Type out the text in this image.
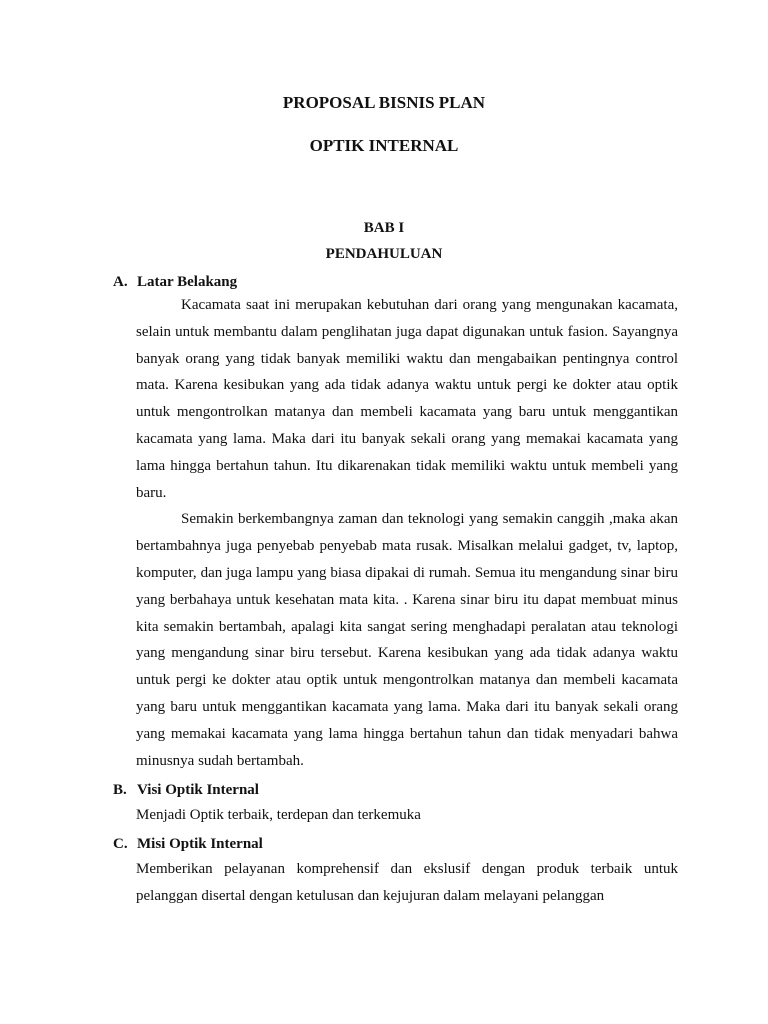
PROPOSAL BISNIS PLAN
OPTIK INTERNAL
BAB I
PENDAHULUAN
A. Latar Belakang

Kacamata saat ini merupakan kebutuhan dari orang yang mengunakan kacamata, selain untuk membantu dalam penglihatan juga dapat digunakan untuk fasion. Sayangnya banyak orang yang tidak banyak memiliki waktu dan mengabaikan pentingnya control mata. Karena kesibukan yang ada tidak adanya waktu untuk pergi ke dokter atau optik untuk mengontrolkan matanya dan membeli kacamata yang baru untuk menggantikan kacamata yang lama. Maka dari itu banyak sekali orang yang memakai kacamata yang lama hingga bertahun tahun. Itu dikarenakan tidak memiliki waktu untuk membeli yang baru.

Semakin berkembangnya zaman dan teknologi yang semakin canggih ,maka akan bertambahnya juga penyebab penyebab mata rusak. Misalkan melalui gadget, tv, laptop, komputer, dan juga lampu yang biasa dipakai di rumah. Semua itu mengandung sinar biru yang berbahaya untuk kesehatan mata kita. . Karena sinar biru itu dapat membuat minus kita semakin bertambah, apalagi kita sangat sering menghadapi peralatan atau teknologi yang mengandung sinar biru tersebut. Karena kesibukan yang ada tidak adanya waktu untuk pergi ke dokter atau optik untuk mengontrolkan matanya dan membeli kacamata yang baru untuk menggantikan kacamata yang lama. Maka dari itu banyak sekali orang yang memakai kacamata yang lama hingga bertahun tahun dan tidak menyadari bahwa minusnya sudah bertambah.

B. Visi Optik Internal

Menjadi Optik terbaik, terdepan dan terkemuka

C. Misi Optik Internal

Memberikan pelayanan komprehensif dan ekslusif dengan produk terbaik untuk pelanggan disertal dengan ketulusan dan kejujuran dalam melayani pelanggan
